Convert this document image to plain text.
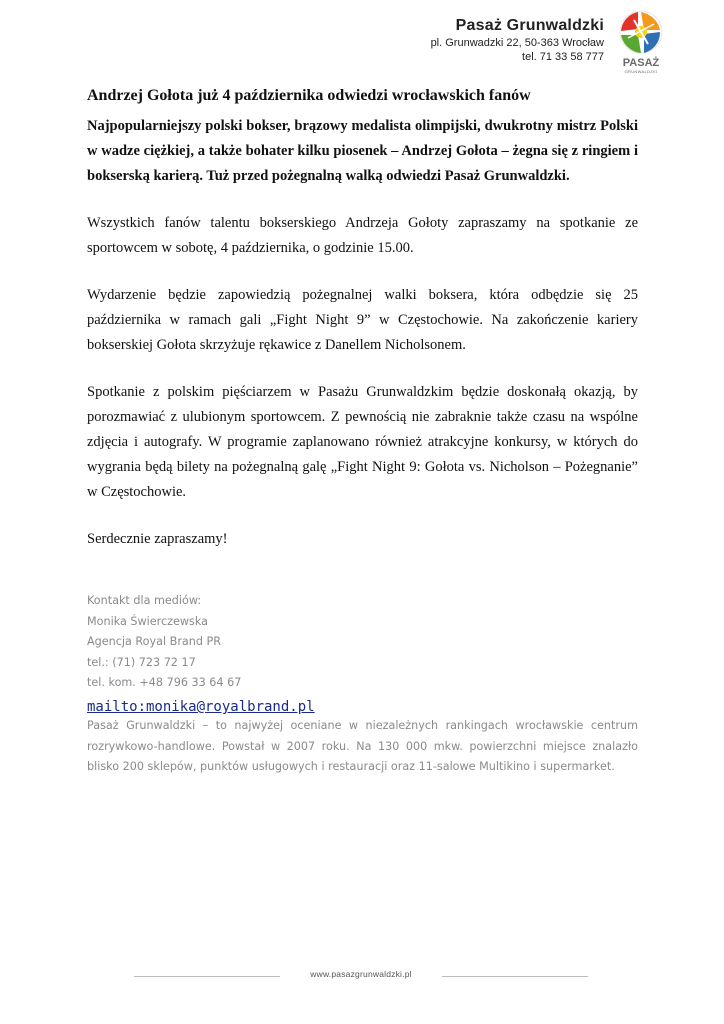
Pasaż Grunwaldzki
pl. Grunwadzki 22, 50-363 Wrocław
tel. 71 33 58 777	PASAŻ
GRUNWALDZKI
Andrzej Gołota już 4 października odwiedzi wrocławskich fanów

Najpopularniejszy polski bokser, brązowy medalista olimpijski, dwukrotny mistrz Polski w wadze ciężkiej, a także bohater kilku piosenek – Andrzej Gołota – żegna się z ringiem i bokserską karierą. Tuż przed pożegnalną walką odwiedzi Pasaż Grunwaldzki.

Wszystkich fanów talentu bokserskiego Andrzeja Gołoty zapraszamy na spotkanie ze sportowcem w sobotę, 4 października, o godzinie 15.00.

Wydarzenie będzie zapowiedzią pożegnalnej walki boksera, która odbędzie się 25 października w ramach gali „Fight Night 9” w Częstochowie. Na zakończenie kariery bokserskiej Gołota skrzyżuje rękawice z Danellem Nicholsonem.

Spotkanie z polskim pięściarzem w Pasażu Grunwaldzkim będzie doskonałą okazją, by porozmawiać z ulubionym sportowcem. Z pewnością nie zabraknie także czasu na wspólne zdjęcia i autografy. W programie zaplanowano również atrakcyjne konkursy, w których do wygrania będą bilety na pożegnalną galę „Fight Night 9: Gołota vs. Nicholson – Pożegnanie” w Częstochowie.

Serdecznie zapraszamy!

Kontakt dla mediów:
Monika Świerczewska
Agencja Royal Brand PR
tel.: (71) 723 72 17
tel. kom. +48 796 33 64 67
mailto:monika@royalbrand.pl
Pasaż Grunwaldzki – to najwyżej oceniane w niezależnych rankingach wrocławskie centrum rozrywkowo-handlowe. Powstał w 2007 roku. Na 130 000 mkw. powierzchni miejsce znalazło blisko 200 sklepów, punktów usługowych i restauracji oraz 11-salowe Multikino i supermarket.
www.pasazgrunwaldzki.pl
